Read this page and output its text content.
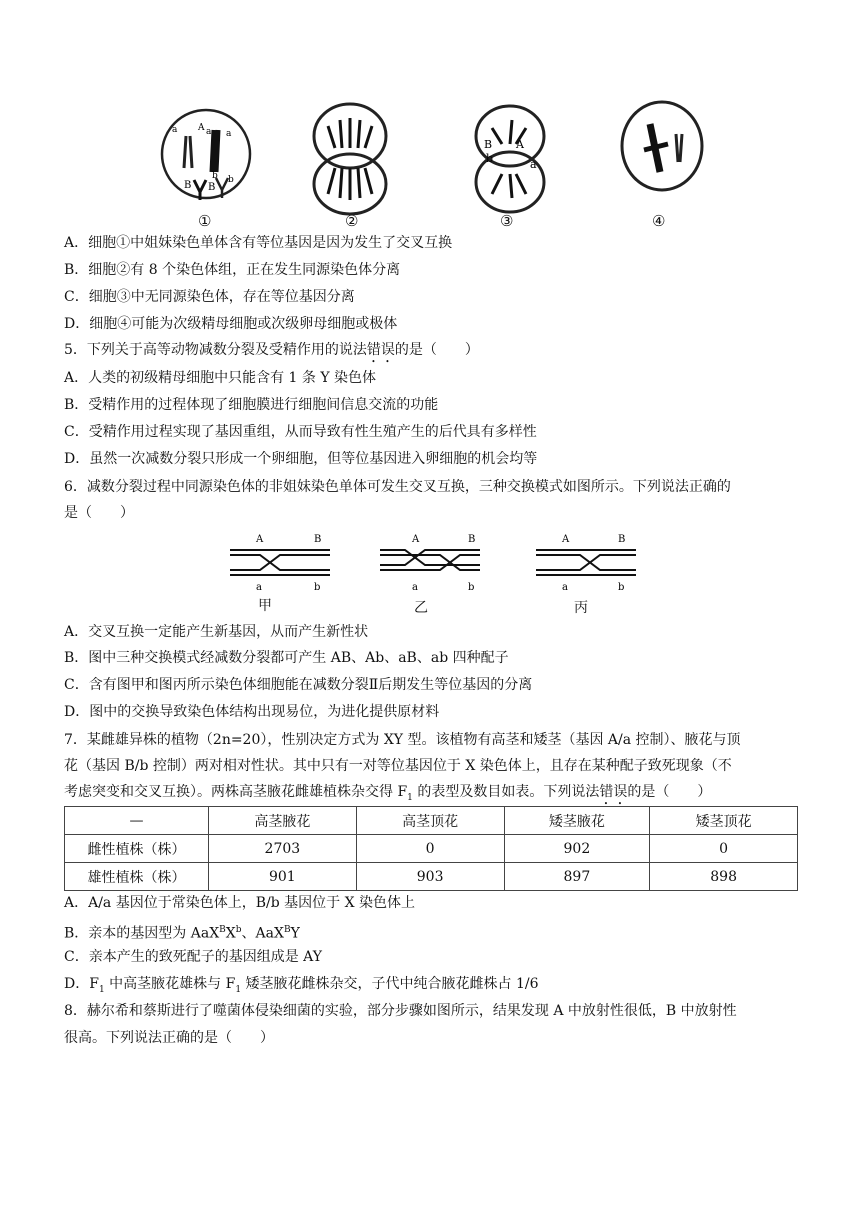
a A a a
B B
b b
B A
b	a
①	②	③	④
A．细胞①中姐妹染色单体含有等位基因是因为发生了交叉互换
B．细胞②有 8 个染色体组，正在发生同源染色体分离
C．细胞③中无同源染色体，存在等位基因分离
D．细胞④可能为次级精母细胞或次级卵母细胞或极体
5．下列关于高等动物减数分裂及受精作用的说法错误的是（　　）
A．人类的初级精母细胞中只能含有 1 条 Y 染色体
B．受精作用的过程体现了细胞膜进行细胞间信息交流的功能
C．受精作用过程实现了基因重组，从而导致有性生殖产生的后代具有多样性
D．虽然一次减数分裂只形成一个卵细胞，但等位基因进入卵细胞的机会均等
6．减数分裂过程中同源染色体的非姐妹染色单体可发生交叉互换，三种交换模式如图所示。下列说法正确的
是（　　）
A	B
a	b
A	B
a	b
A	B
a	b
甲	乙	丙
A．交叉互换一定能产生新基因，从而产生新性状
B．图中三种交换模式经减数分裂都可产生 AB、Ab、aB、ab 四种配子
C．含有图甲和图丙所示染色体细胞能在减数分裂Ⅱ后期发生等位基因的分离
D．图中的交换导致染色体结构出现易位，为进化提供原材料
7．某雌雄异株的植物（2n=20），性别决定方式为 XY 型。该植物有高茎和矮茎（基因 A/a 控制）、腋花与顶
花（基因 B/b 控制）两对相对性状。其中只有一对等位基因位于 X 染色体上，且存在某种配子致死现象（不
考虑突变和交叉互换）。两株高茎腋花雌雄植株杂交得 $F_1$ 的表型及数目如表。下列说法错误的是（　　）
—	高茎腋花	高茎顶花	矮茎腋花	矮茎顶花
雌性植株（株）	2703	0	902	0
雄性植株（株）	901	903	897	898
A．A/a 基因位于常染色体上，B/b 基因位于 X 染色体上
B．亲本的基因型为 $AaX^BX^b$、AaX$^B$Y
C．亲本产生的致死配子的基因组成是 AY
D．$F_1$ 中高茎腋花雄株与 $F_1$ 矮茎腋花雌株杂交，子代中纯合腋花雌株占 1/6
8．赫尔希和蔡斯进行了噬菌体侵染细菌的实验，部分步骤如图所示，结果发现 A 中放射性很低，B 中放射性
很高。下列说法正确的是（　　）
